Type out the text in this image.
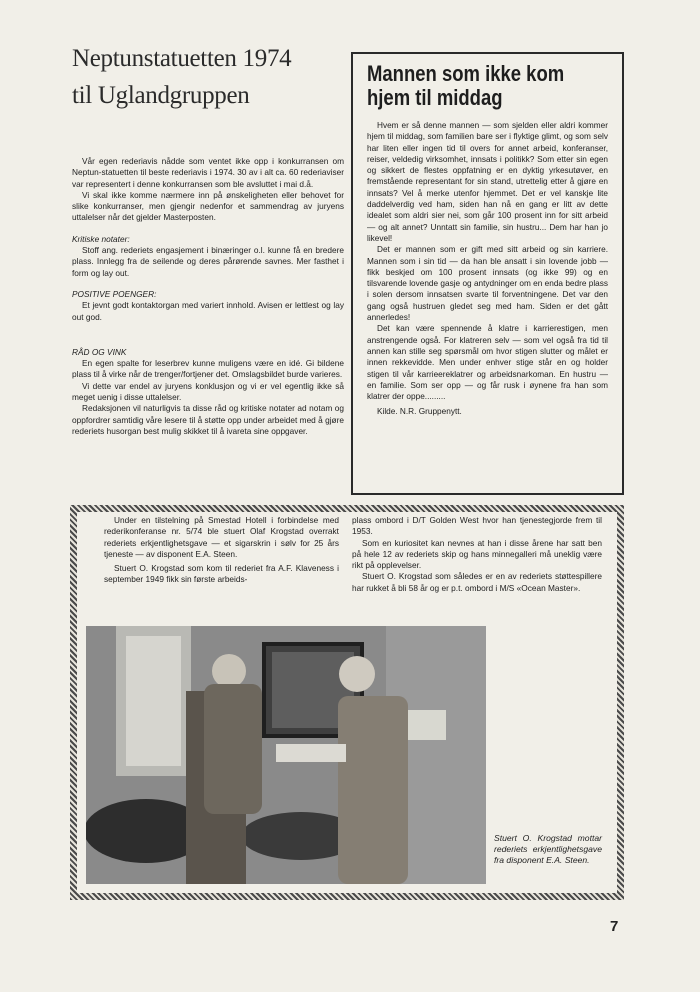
Neptunstatuetten 1974
til Uglandgruppen

Vår egen rederiavis nådde som ventet ikke opp i konkurransen om Neptun-statuetten til beste rederiavis i 1974. 30 av i alt ca. 60 rederiaviser var representert i denne konkurransen som ble avsluttet i mai d.å.

Vi skal ikke komme nærmere inn på ønskeligheten eller behovet for slike konkurranser, men gjengir nedenfor et sammendrag av juryens uttalelser når det gjelder Masterposten.

Kritiske notater:

Stoff ang. rederiets engasjement i binæringer o.l. kunne få en bredere plass. Innlegg fra de seilende og deres pårørende savnes. Mer fasthet i form og lay out.

POSITIVE POENGER:

Et jevnt godt kontaktorgan med variert innhold. Avisen er lettlest og lay out god.

RÅD OG VINK

En egen spalte for leserbrev kunne muligens være en idé. Gi bildene plass til å virke når de trenger/fortjener det. Omslagsbildet burde varieres.

Vi dette var endel av juryens konklusjon og vi er vel egentlig ikke så meget uenig i disse uttalelser.

Redaksjonen vil naturligvis ta disse råd og kritiske notater ad notam og oppfordrer samtidig våre lesere til å støtte opp under arbeidet med å gjøre rederiets husorgan best mulig skikket til å ivareta sine oppgaver.

Mannen som ikke kom
hjem til middag

Hvem er så denne mannen — som sjelden eller aldri kommer hjem til middag, som familien bare ser i flyktige glimt, og som selv har liten eller ingen tid til overs for annet arbeid, konferanser, reiser, veldedig virksomhet, innsats i politikk? Som etter sin egen og sikkert de flestes oppfatning er en dyktig yrkesutøver, en fremstående representant for sin stand, utrettelig etter å gjøre en innsats? Vel å merke utenfor hjemmet. Det er vel kanskje lite daddelverdig ved ham, siden han nå en gang er litt av dette idealet som aldri sier nei, som går 100 prosent inn for sitt arbeid — og alt annet? Unntatt sin familie, sin hustru... Dem har han jo likevel!

Det er mannen som er gift med sitt arbeid og sin karriere. Mannen som i sin tid — da han ble ansatt i sin lovende jobb — fikk beskjed om 100 prosent innsats (og ikke 99) og en tilsvarende lovende gasje og antydninger om en enda bedre plass i solen dersom innsatsen svarte til forventningene. Det var den gang også hustruen gledet seg med ham. Siden er det gått annerledes!

Det kan være spennende å klatre i karrierestigen, men anstrengende også. For klatreren selv — som vel også fra tid til annen kan stille seg spørsmål om hvor stigen slutter og målet er innen rekkevidde. Men under enhver stige står en og holder stigen til vår karrieereklatrer og arbeidsnarkoman. En hustru — en familie. Som ser opp — og får rusk i øynene fra han som klatrer der oppe.........

Kilde. N.R. Gruppenytt.

Under en tilstelning på Smestad Hotell i forbindelse med rederikonferanse nr. 5/74 ble stuert Olaf Krogstad overrakt rederiets erkjentlighetsgave — et sigarskrin i sølv for 25 års tjeneste — av disponent E.A. Steen.

Stuert O. Krogstad som kom til rederiet fra A.F. Klaveness i september 1949 fikk sin første arbeids-

plass ombord i D/T Golden West hvor han tjenestegjorde frem til 1953.

Som en kuriositet kan nevnes at han i disse årene har satt ben på hele 12 av rederiets skip og hans minnegalleri må uneklig være rikt på opplevelser.

Stuert O. Krogstad som således er en av rederiets støttespillere har rukket å bli 58 år og er p.t. ombord i M/S «Ocean Master».

Stuert O. Krogstad mottar rederiets erkjentlighetsgave fra disponent E.A. Steen.
7
